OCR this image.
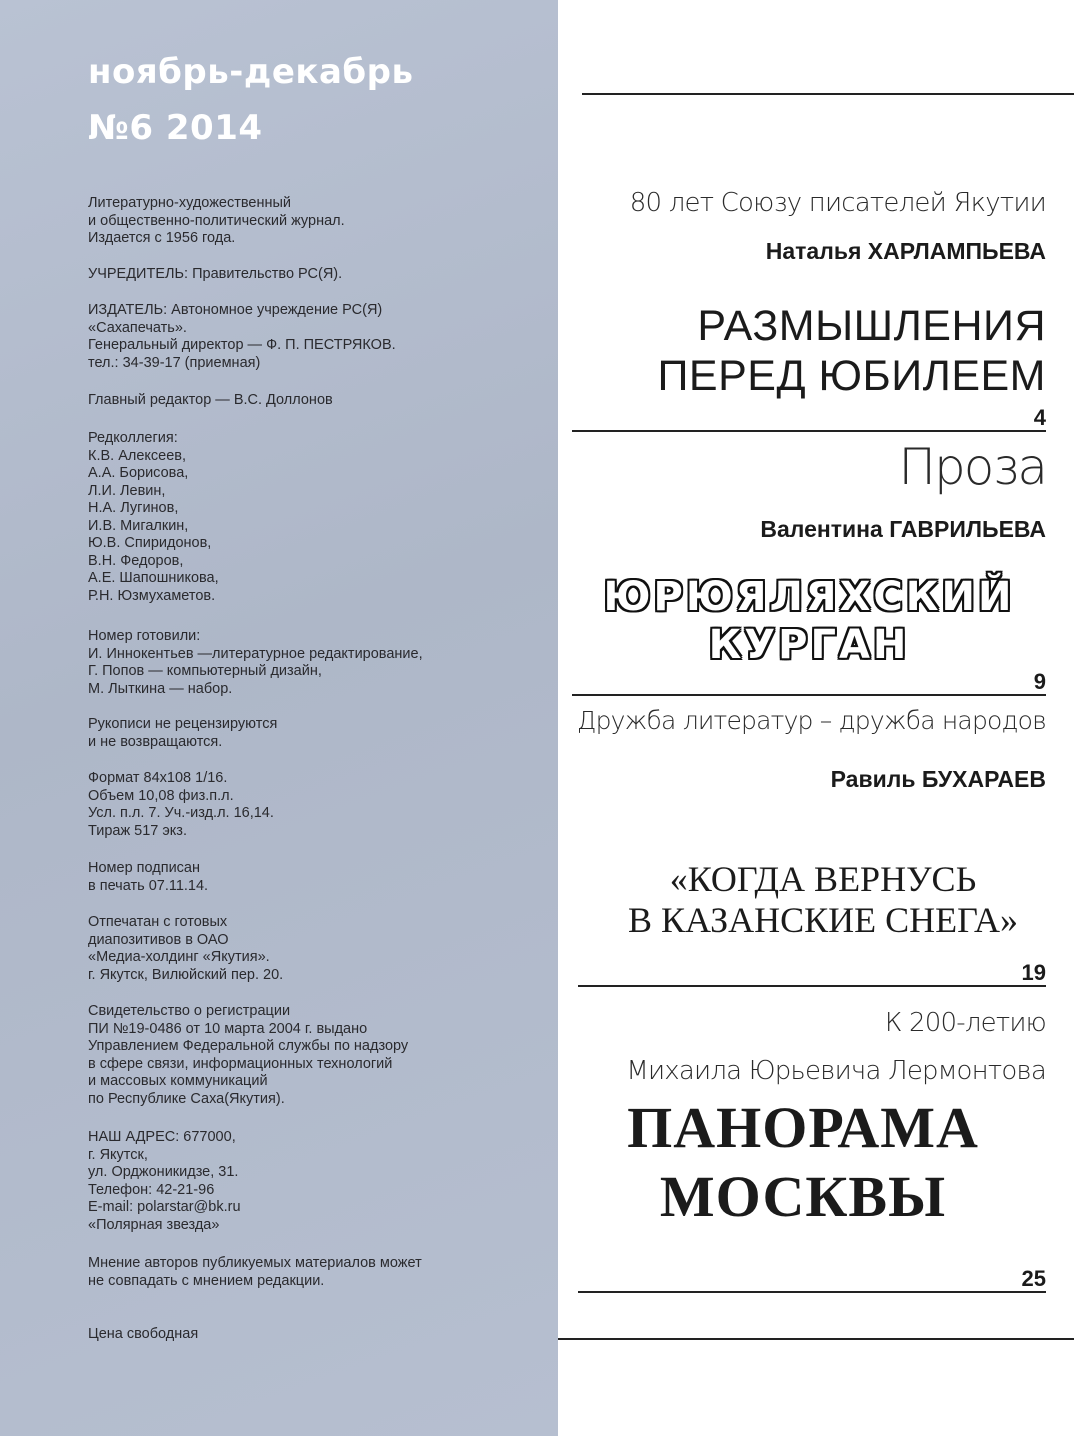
ноябрь-декабрь
№6 2014
Литературно-художественный
и общественно-политический журнал.
Издается с 1956 года.
УЧРЕДИТЕЛЬ: Правительство РС(Я).
ИЗДАТЕЛЬ: Автономное учреждение РС(Я)
«Сахапечать».
Генеральный директор — Ф. П. ПЕСТРЯКОВ.
тел.: 34-39-17 (приемная)
Главный редактор — В.С. Доллонов
Редколлегия:
К.В. Алексеев,
А.А. Борисова,
Л.И. Левин,
Н.А. Лугинов,
И.В. Мигалкин,
Ю.В. Спиридонов,
В.Н. Федоров,
А.Е. Шапошникова,
Р.Н. Юзмухаметов.
Номер готовили:
И. Иннокентьев —литературное редактирование,
Г. Попов — компьютерный дизайн,
М. Лыткина — набор.
Рукописи не рецензируются
и не возвращаются.
Формат 84х108 1/16.
Объем 10,08 физ.п.л.
Усл. п.л. 7. Уч.-изд.л. 16,14.
Тираж 517 экз.
Номер подписан
в печать 07.11.14.
Отпечатан с готовых
диапозитивов в ОАО
«Медиа-холдинг «Якутия».
г. Якутск, Вилюйский пер. 20.
Свидетельство о регистрации
ПИ №19-0486 от 10 марта 2004 г. выдано
Управлением Федеральной службы по надзору
в сфере связи, информационных технологий
и массовых коммуникаций
по Республике Саха(Якутия).
НАШ АДРЕС: 677000,
г. Якутск,
ул. Орджоникидзе, 31.
Телефон: 42-21-96
E-mail: polarstar@bk.ru
«Полярная звезда»
Мнение авторов публикуемых материалов может
не совпадать с мнением редакции.
Цена свободная
80 лет Союзу писателей Якутии
Наталья ХАРЛАМПЬЕВА
РАЗМЫШЛЕНИЯ
ПЕРЕД ЮБИЛЕЕМ
4
Проза
Валентина ГАВРИЛЬЕВА
ЮРЮЯЛЯХСКИЙ
КУРГАН
9
Дружба литератур – дружба народов
Равиль БУХАРАЕВ
«КОГДА ВЕРНУСЬ
В КАЗАНСКИЕ СНЕГА»
19
К 200-летию
Михаила Юрьевича Лермонтова
ПАНОРАМА
МОСКВЫ
25
